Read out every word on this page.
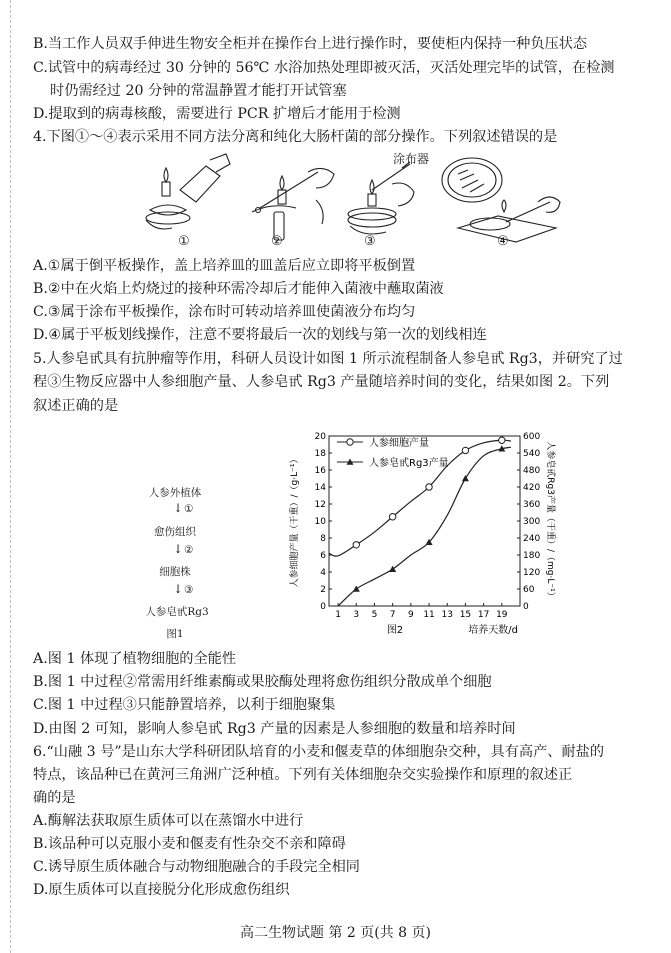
B.当工作人员双手伸进生物安全柜并在操作台上进行操作时，要使柜内保持一种负压状态
C.试管中的病毒经过 30 分钟的 56℃ 水浴加热处理即被灭活，灭活处理完毕的试管，在检测
时仍需经过 20 分钟的常温静置才能打开试管塞
D.提取到的病毒核酸，需要进行 PCR 扩增后才能用于检测
4.下图①～④表示采用不同方法分离和纯化大肠杆菌的部分操作。下列叙述错误的是
涂布器
①	②	③	④
A.①属于倒平板操作，盖上培养皿的皿盖后应立即将平板倒置
B.②中在火焰上灼烧过的接种环需冷却后才能伸入菌液中蘸取菌液
C.③属于涂布平板操作，涂布时可转动培养皿使菌液分布均匀
D.④属于平板划线操作，注意不要将最后一次的划线与第一次的划线相连
5.人参皂甙具有抗肿瘤等作用，科研人员设计如图 1 所示流程制备人参皂甙 Rg3，并研究了过
程③生物反应器中人参细胞产量、人参皂甙 Rg3 产量随培养时间的变化，结果如图 2。下列
叙述正确的是
人参外植体
↓ ①
愈伤组织
↓ ②
细胞株
↓ ③
人参皂甙Rg3
图1
1 3 5 7 9 11 13 15 17 19
0
2
4
6
8
10
12
14
16
18
20
0
60
120
180
240
300
360
420
480
540
600
培养天数/d
图2
人参细胞产量（干重）/（g·L⁻¹）	人参皂甙Rg3产量（干重）/（mg·L⁻¹）
人参细胞产量
人参皂甙Rg3产量
A.图 1 体现了植物细胞的全能性
B.图 1 中过程②常需用纤维素酶或果胶酶处理将愈伤组织分散成单个细胞
C.图 1 中过程③只能静置培养，以利于细胞聚集
D.由图 2 可知，影响人参皂甙 Rg3 产量的因素是人参细胞的数量和培养时间
6.“山融 3 号”是山东大学科研团队培育的小麦和偃麦草的体细胞杂交种，具有高产、耐盐的
特点，该品种已在黄河三角洲广泛种植。下列有关体细胞杂交实验操作和原理的叙述正
确的是
A.酶解法获取原生质体可以在蒸馏水中进行
B.该品种可以克服小麦和偃麦有性杂交不亲和障碍
C.诱导原生质体融合与动物细胞融合的手段完全相同
D.原生质体可以直接脱分化形成愈伤组织
高二生物试题 第 2 页(共 8 页)
